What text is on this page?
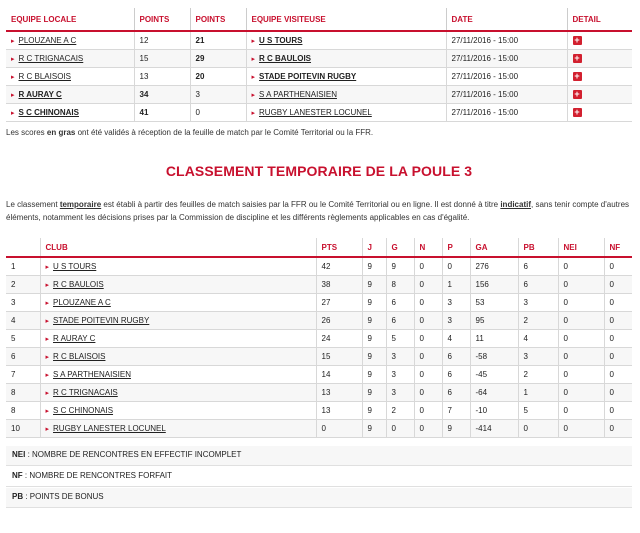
EQUIPE LOCALE	POINTS	POINTS	EQUIPE VISITEUSE	DATE	DETAIL
▸ PLOUZANE A C	12	21	▸ U S TOURS	27/11/2016 - 15:00	+
▸ R C TRIGNACAIS	15	29	▸ R C BAULOIS	27/11/2016 - 15:00	+
▸ R C BLAISOIS	13	20	▸ STADE POITEVIN RUGBY	27/11/2016 - 15:00	+
▸ R AURAY C	34	3	▸ S A PARTHENAISIEN	27/11/2016 - 15:00	+
▸ S C CHINONAIS	41	0	▸ RUGBY LANESTER LOCUNEL	27/11/2016 - 15:00	+
Les scores en gras ont été validés à réception de la feuille de match par le Comité Territorial ou la FFR.
CLASSEMENT TEMPORAIRE DE LA POULE 3
Le classement temporaire est établi à partir des feuilles de match saisies par la FFR ou le Comité Territorial ou en ligne. Il est donné à titre indicatif, sans tenir compte d'autres éléments, notamment les décisions prises par la Commission de discipline et les différents règlements applicables en cas d'égalité.
	CLUB	PTS	J	G	N	P	GA	PB	NEI	NF
1	▸ U S TOURS	42	9	9	0	0	276	6	0	0
2	▸ R C BAULOIS	38	9	8	0	1	156	6	0	0
3	▸ PLOUZANE A C	27	9	6	0	3	53	3	0	0
4	▸ STADE POITEVIN RUGBY	26	9	6	0	3	95	2	0	0
5	▸ R AURAY C	24	9	5	0	4	11	4	0	0
6	▸ R C BLAISOIS	15	9	3	0	6	-58	3	0	0
7	▸ S A PARTHENAISIEN	14	9	3	0	6	-45	2	0	0
8	▸ R C TRIGNACAIS	13	9	3	0	6	-64	1	0	0
8	▸ S C CHINONAIS	13	9	2	0	7	-10	5	0	0
10	▸ RUGBY LANESTER LOCUNEL	0	9	0	0	9	-414	0	0	0
NEI : NOMBRE DE RENCONTRES EN EFFECTIF INCOMPLET
NF : NOMBRE DE RENCONTRES FORFAIT
PB : POINTS DE BONUS
